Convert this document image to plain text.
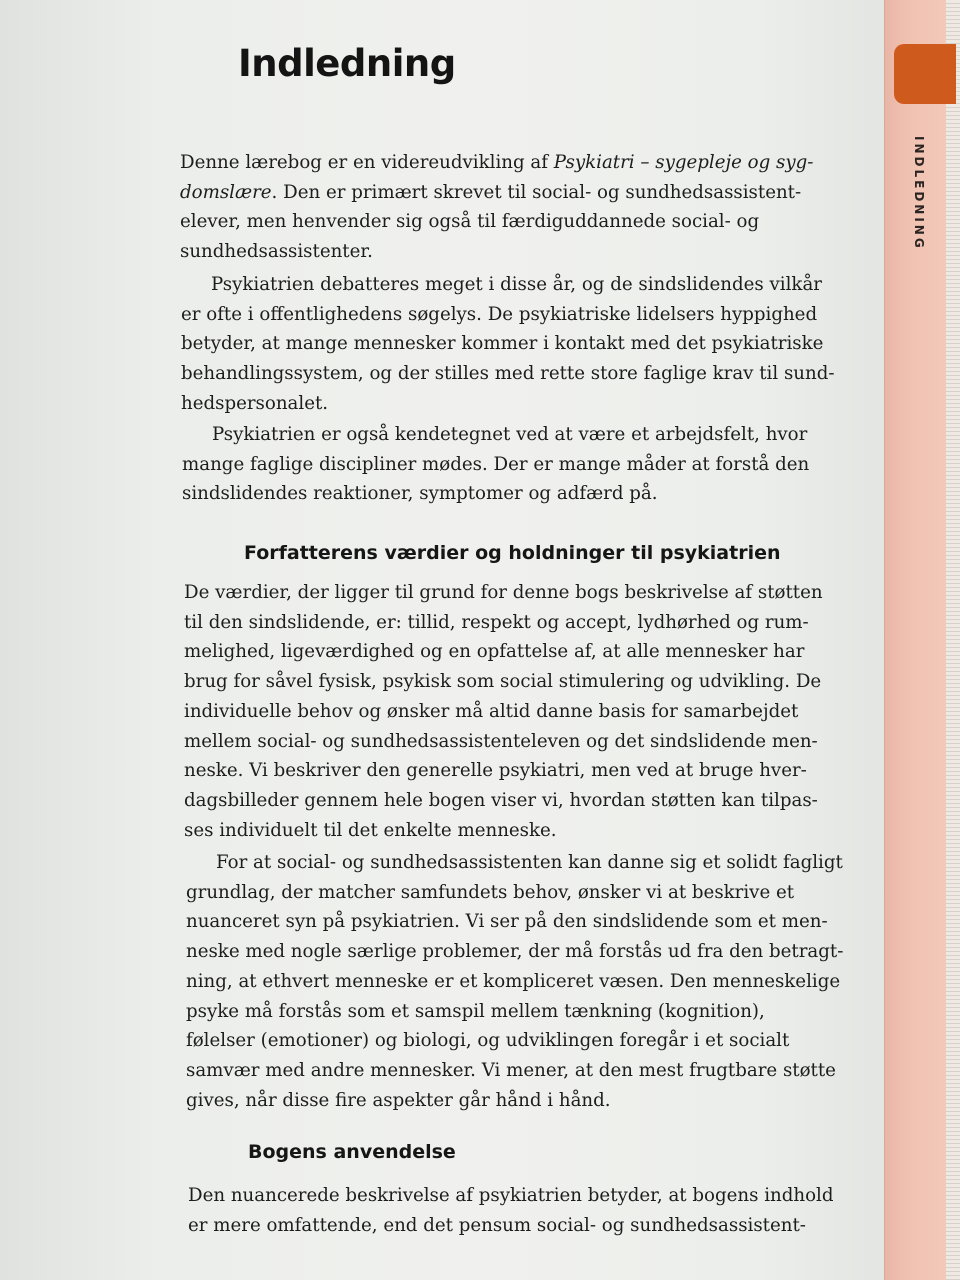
INDLEDNING
Indledning
Denne lærebog er en videreudvikling af Psykiatri – sygepleje og syg-
domslære. Den er primært skrevet til social- og sundhedsassistent-
elever, men henvender sig også til færdiguddannede social- og
sundhedsassistenter.
Psykiatrien debatteres meget i disse år, og de sindslidendes vilkår
er ofte i offentlighedens søgelys. De psykiatriske lidelsers hyppighed
betyder, at mange mennesker kommer i kontakt med det psykiatriske
behandlingssystem, og der stilles med rette store faglige krav til sund-
hedspersonalet.
Psykiatrien er også kendetegnet ved at være et arbejdsfelt, hvor
mange faglige discipliner mødes. Der er mange måder at forstå den
sindslidendes reaktioner, symptomer og adfærd på.
Forfatterens værdier og holdninger til psykiatrien
De værdier, der ligger til grund for denne bogs beskrivelse af støtten
til den sindslidende, er: tillid, respekt og accept, lydhørhed og rum-
melighed, ligeværdighed og en opfattelse af, at alle mennesker har
brug for såvel fysisk, psykisk som social stimulering og udvikling. De
individuelle behov og ønsker må altid danne basis for samarbejdet
mellem social- og sundhedsassistenteleven og det sindslidende men-
neske. Vi beskriver den generelle psykiatri, men ved at bruge hver-
dagsbilleder gennem hele bogen viser vi, hvordan støtten kan tilpas-
ses individuelt til det enkelte menneske.
For at social- og sundhedsassistenten kan danne sig et solidt fagligt
grundlag, der matcher samfundets behov, ønsker vi at beskrive et
nuanceret syn på psykiatrien. Vi ser på den sindslidende som et men-
neske med nogle særlige problemer, der må forstås ud fra den betragt-
ning, at ethvert menneske er et kompliceret væsen. Den menneskelige
psyke må forstås som et samspil mellem tænkning (kognition),
følelser (emotioner) og biologi, og udviklingen foregår i et socialt
samvær med andre mennesker. Vi mener, at den mest frugtbare støtte
gives, når disse fire aspekter går hånd i hånd.
Bogens anvendelse
Den nuancerede beskrivelse af psykiatrien betyder, at bogens indhold
er mere omfattende, end det pensum social- og sundhedsassistent-
